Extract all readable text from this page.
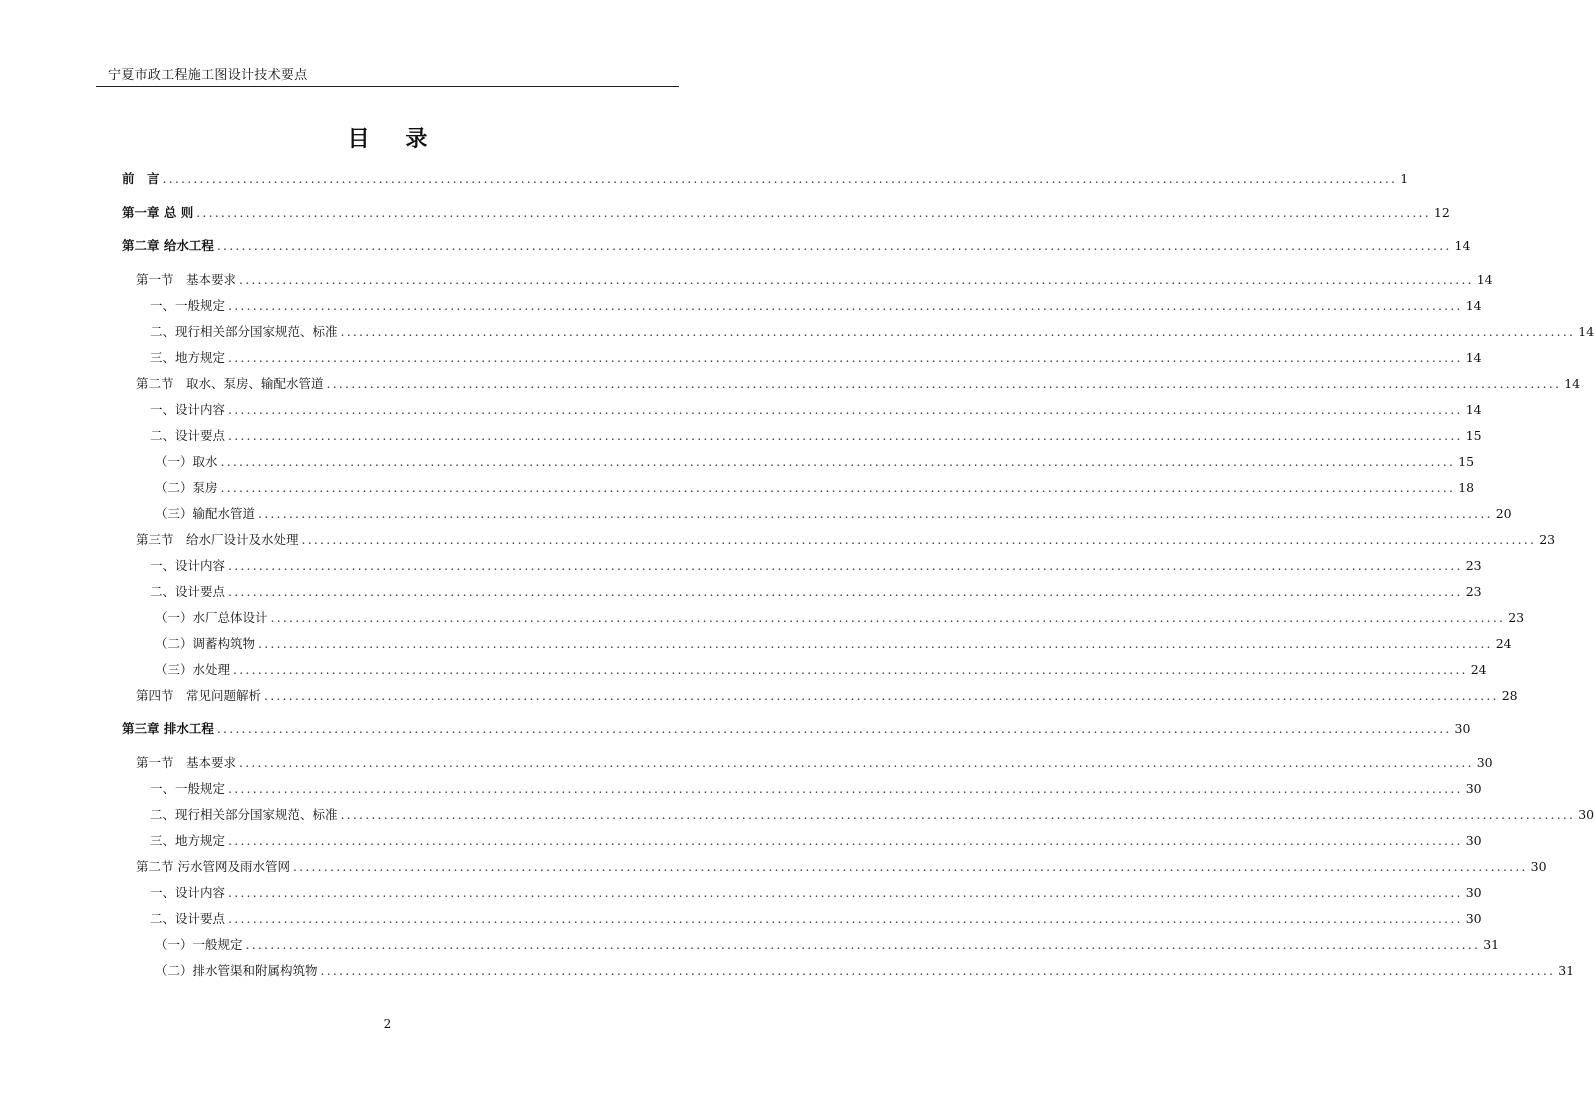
宁夏市政工程施工图设计技术要点
目 录
前　言 ........................................................................................................................................................................................................ 1
第一章 总 则 ........................................................................................................................................................................................................ 12
第二章 给水工程 ........................................................................................................................................................................................................ 14
第一节　基本要求 ........................................................................................................................................................................................................ 14
一、一般规定 ........................................................................................................................................................................................................ 14
二、现行相关部分国家规范、标准 ........................................................................................................................................................................................................ 14
三、地方规定 ........................................................................................................................................................................................................ 14
第二节　取水、泵房、输配水管道 ........................................................................................................................................................................................................ 14
一、设计内容 ........................................................................................................................................................................................................ 14
二、设计要点 ........................................................................................................................................................................................................ 15
（一）取水 ........................................................................................................................................................................................................ 15
（二）泵房 ........................................................................................................................................................................................................ 18
（三）输配水管道 ........................................................................................................................................................................................................ 20
第三节　给水厂设计及水处理 ........................................................................................................................................................................................................ 23
一、设计内容 ........................................................................................................................................................................................................ 23
二、设计要点 ........................................................................................................................................................................................................ 23
（一）水厂总体设计 ........................................................................................................................................................................................................ 23
（二）调蓄构筑物 ........................................................................................................................................................................................................ 24
（三）水处理 ........................................................................................................................................................................................................ 24
第四节　常见问题解析 ........................................................................................................................................................................................................ 28
第三章 排水工程 ........................................................................................................................................................................................................ 30
第一节　基本要求 ........................................................................................................................................................................................................ 30
一、一般规定 ........................................................................................................................................................................................................ 30
二、现行相关部分国家规范、标准 ........................................................................................................................................................................................................ 30
三、地方规定 ........................................................................................................................................................................................................ 30
第二节 污水管网及雨水管网 ........................................................................................................................................................................................................ 30
一、设计内容 ........................................................................................................................................................................................................ 30
二、设计要点 ........................................................................................................................................................................................................ 30
（一）一般规定 ........................................................................................................................................................................................................ 31
（二）排水管渠和附属构筑物 ........................................................................................................................................................................................................ 31
2
